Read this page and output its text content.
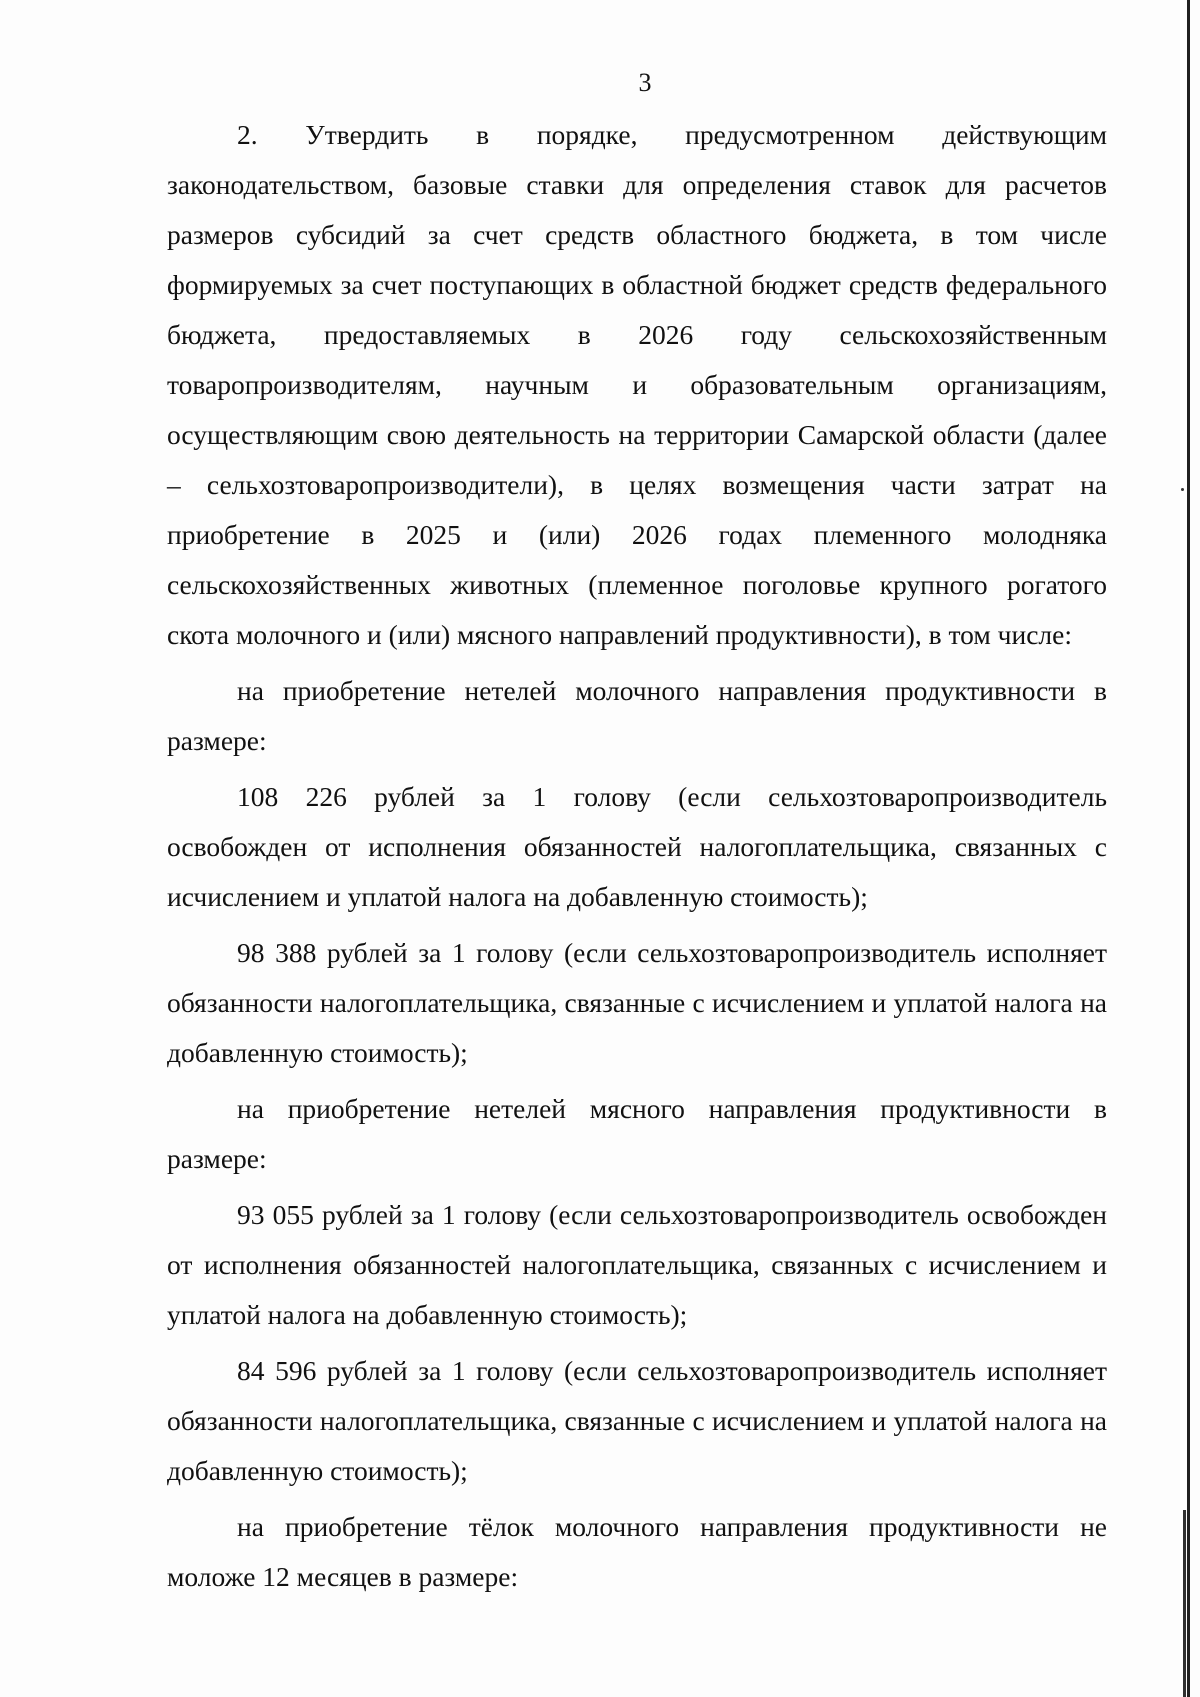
3

2. Утвердить в порядке, предусмотренном действующим законодательством, базовые ставки для определения ставок для расчетов размеров субсидий за счет средств областного бюджета, в том числе формируемых за счет поступающих в областной бюджет средств федерального бюджета, предоставляемых в 2026 году сельскохозяйственным товаропроизводителям, научным и образовательным организациям, осуществляющим свою деятельность на территории Самарской области (далее – сельхозтоваропроизводители), в целях возмещения части затрат на приобретение в 2025 и (или) 2026 годах племенного молодняка сельскохозяйственных животных (племенное поголовье крупного рогатого скота молочного и (или) мясного направлений продуктивности), в том числе:

на приобретение нетелей молочного направления продуктивности в размере:

108 226 рублей за 1 голову (если сельхозтоваропроизводитель освобожден от исполнения обязанностей налогоплательщика, связанных с исчислением и уплатой налога на добавленную стоимость);

98 388 рублей за 1 голову (если сельхозтоваропроизводитель исполняет обязанности налогоплательщика, связанные с исчислением и уплатой налога на добавленную стоимость);

на приобретение нетелей мясного направления продуктивности в размере:

93 055 рублей за 1 голову (если сельхозтоваропроизводитель освобожден от исполнения обязанностей налогоплательщика, связанных с исчислением и уплатой налога на добавленную стоимость);

84 596 рублей за 1 голову (если сельхозтоваропроизводитель исполняет обязанности налогоплательщика, связанные с исчислением и уплатой налога на добавленную стоимость);

на приобретение тёлок молочного направления продуктивности не моложе 12 месяцев в размере:
